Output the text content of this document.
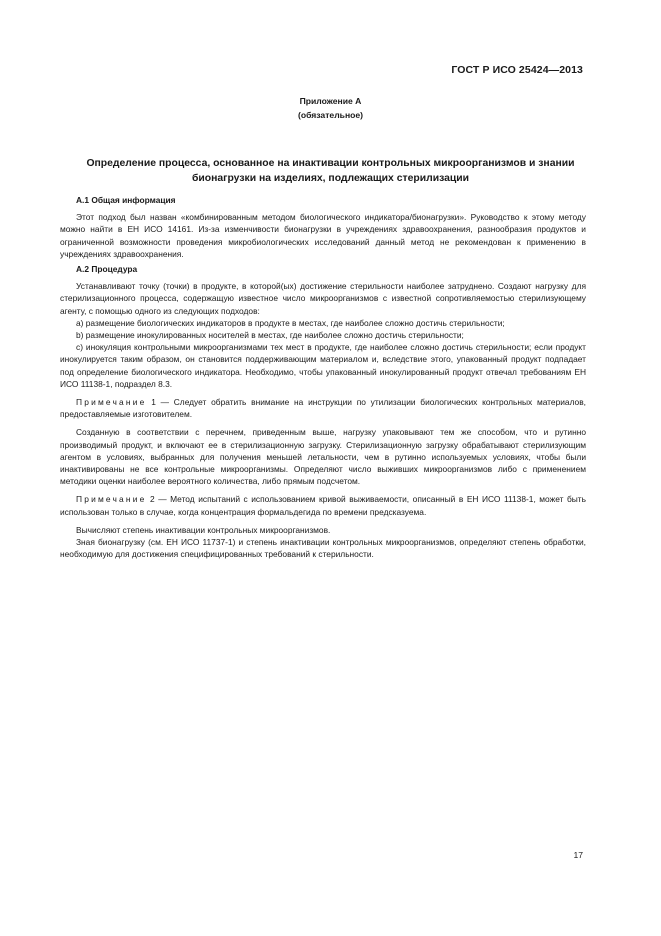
ГОСТ Р ИСО 25424—2013
Приложение А
(обязательное)
Определение процесса, основанное на инактивации контрольных микроорганизмов и знании бионагрузки на изделиях, подлежащих стерилизации
А.1 Общая информация

Этот подход был назван «комбинированным методом биологического индикатора/бионагрузки». Руководство к этому методу можно найти в ЕН ИСО 14161. Из-за изменчивости бионагрузки в учреждениях здравоохранения, разнообразия продуктов и ограниченной возможности проведения микробиологических исследований данный метод не рекомендован к применению в учреждениях здравоохранения.

А.2 Процедура

Устанавливают точку (точки) в продукте, в которой(ых) достижение стерильности наиболее затруднено. Создают нагрузку для стерилизационного процесса, содержащую известное число микроорганизмов с известной сопротивляемостью стерилизующему агенту, с помощью одного из следующих подходов:

a) размещение биологических индикаторов в продукте в местах, где наиболее сложно достичь стерильности;

b) размещение инокулированных носителей в местах, где наиболее сложно достичь стерильности;

c) инокуляция контрольными микроорганизмами тех мест в продукте, где наиболее сложно достичь стерильности; если продукт инокулируется таким образом, он становится поддерживающим материалом и, вследствие этого, упакованный продукт подпадает под определение биологического индикатора. Необходимо, чтобы упакованный инокулированный продукт отвечал требованиям ЕН ИСО 11138-1, подраздел 8.3.

Примечание 1 — Следует обратить внимание на инструкции по утилизации биологических контрольных материалов, предоставляемые изготовителем.

Созданную в соответствии с перечнем, приведенным выше, нагрузку упаковывают тем же способом, что и рутинно производимый продукт, и включают ее в стерилизационную загрузку. Стерилизационную загрузку обрабатывают стерилизующим агентом в условиях, выбранных для получения меньшей летальности, чем в рутинно используемых условиях, чтобы были инактивированы не все контрольные микроорганизмы. Определяют число выживших микроорганизмов либо с применением методики оценки наиболее вероятного количества, либо прямым подсчетом.

Примечание 2 — Метод испытаний с использованием кривой выживаемости, описанный в ЕН ИСО 11138-1, может быть использован только в случае, когда концентрация формальдегида по времени предсказуема.

Вычисляют степень инактивации контрольных микроорганизмов.

Зная бионагрузку (см. ЕН ИСО 11737-1) и степень инактивации контрольных микроорганизмов, определяют степень обработки, необходимую для достижения специфицированных требований к стерильности.

17
